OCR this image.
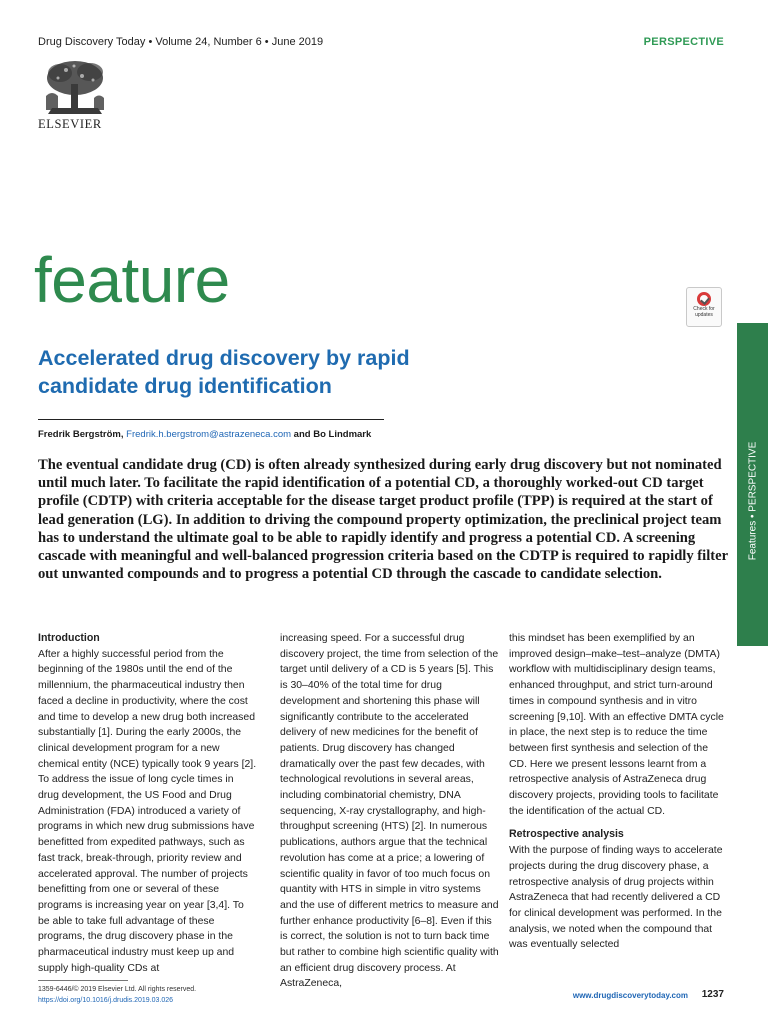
Drug Discovery Today • Volume 24, Number 6 • June 2019	PERSPECTIVE
ELSEVIER
feature	Check for updates
Features • PERSPECTIVE
Accelerated drug discovery by rapid candidate drug identification
Fredrik Bergström, Fredrik.h.bergstrom@astrazeneca.com and Bo Lindmark
The eventual candidate drug (CD) is often already synthesized during early drug discovery but not nominated until much later. To facilitate the rapid identification of a potential CD, a thoroughly worked-out CD target profile (CDTP) with criteria acceptable for the disease target product profile (TPP) is required at the start of lead generation (LG). In addition to driving the compound property optimization, the preclinical project team has to understand the ultimate goal to be able to rapidly identify and progress a potential CD. A screening cascade with meaningful and well-balanced progression criteria based on the CDTP is required to rapidly filter out unwanted compounds and to progress a potential CD through the cascade to candidate selection.
Introduction

After a highly successful period from the beginning of the 1980s until the end of the millennium, the pharmaceutical industry then faced a decline in productivity, where the cost and time to develop a new drug both increased substantially [1]. During the early 2000s, the clinical development program for a new chemical entity (NCE) typically took 9 years [2]. To address the issue of long cycle times in drug development, the US Food and Drug Administration (FDA) introduced a variety of programs in which new drug submissions have benefitted from expedited pathways, such as fast track, break-through, priority review and accelerated approval. The number of projects benefitting from one or several of these programs is increasing year on year [3,4]. To be able to take full advantage of these programs, the drug discovery phase in the pharmaceutical industry must keep up and supply high-quality CDs at

increasing speed. For a successful drug discovery project, the time from selection of the target until delivery of a CD is 5 years [5]. This is 30–40% of the total time for drug development and shortening this phase will significantly contribute to the accelerated delivery of new medicines for the benefit of patients. Drug discovery has changed dramatically over the past few decades, with technological revolutions in several areas, including combinatorial chemistry, DNA sequencing, X-ray crystallography, and high-throughput screening (HTS) [2]. In numerous publications, authors argue that the technical revolution has come at a price; a lowering of scientific quality in favor of too much focus on quantity with HTS in simple in vitro systems and the use of different metrics to measure and further enhance productivity [6–8]. Even if this is correct, the solution is not to turn back time but rather to combine high scientific quality with an efficient drug discovery process. At AstraZeneca,

this mindset has been exemplified by an improved design–make–test–analyze (DMTA) workflow with multidisciplinary design teams, enhanced throughput, and strict turn-around times in compound synthesis and in vitro screening [9,10]. With an effective DMTA cycle in place, the next step is to reduce the time between first synthesis and selection of the CD. Here we present lessons learnt from a retrospective analysis of AstraZeneca drug discovery projects, providing tools to facilitate the identification of the actual CD.

Retrospective analysis

With the purpose of finding ways to accelerate projects during the drug discovery phase, a retrospective analysis of drug projects within AstraZeneca that had recently delivered a CD for clinical development was performed. In the analysis, we noted when the compound that was eventually selected

1359-6446/© 2019 Elsevier Ltd. All rights reserved.
https://doi.org/10.1016/j.drudis.2019.03.026	www.drugdiscoverytoday.com 1237
